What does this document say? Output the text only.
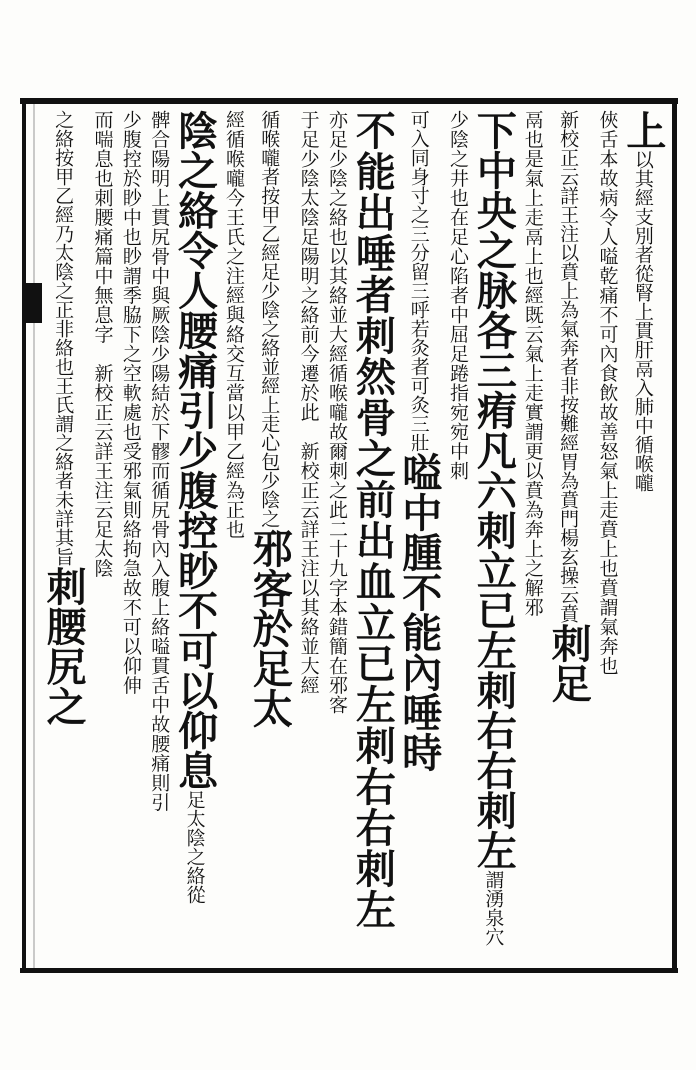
上以其經支別者從腎上貫肝鬲入肺中循喉嚨
俠舌本故病令人嗌乾痛不可內食飲故善怒氣上走賁上也賁謂氣奔也
新校正云詳王注以賁上為氣奔者非按難經胃為賁門楊玄操云賁刺足
鬲也是氣上走鬲上也經既云氣上走實謂更以賁為奔上之解邪
下中央之脉各三痏凡六刺立已左刺右右刺左謂湧泉穴
少陰之井也在足心陷者中屈足踡指宛宛中刺
可入同身寸之三分留三呼若灸者可灸三壯嗌中腫不能內唾時
不能出唾者刺然骨之前出血立已左刺右右刺左
亦足少陰之絡也以其絡並大經循喉嚨故爾刺之此二十九字本錯簡在邪客
于足少陰太陰足陽明之絡前今遷於此　新校正云詳王注以其絡並大經
循喉嚨者按甲乙經足少陰之絡並經上走心包少陰之邪客於足太
經循喉嚨今王氏之注經與絡交互當以甲乙經為正也
陰之絡令人腰痛引少腹控眇不可以仰息足太陰之絡從
髀合陽明上貫尻骨中與厥陰少陽結於下髎而循尻骨內入腹上絡嗌貫舌中故腰痛則引
少腹控於眇中也眇謂季脇下之空軟處也受邪氣則絡拘急故不可以仰伸
而喘息也刺腰痛篇中無息字　新校正云詳王注云足太陰
之絡按甲乙經乃太陰之正非絡也王氏謂之絡者未詳其旨刺腰尻之
